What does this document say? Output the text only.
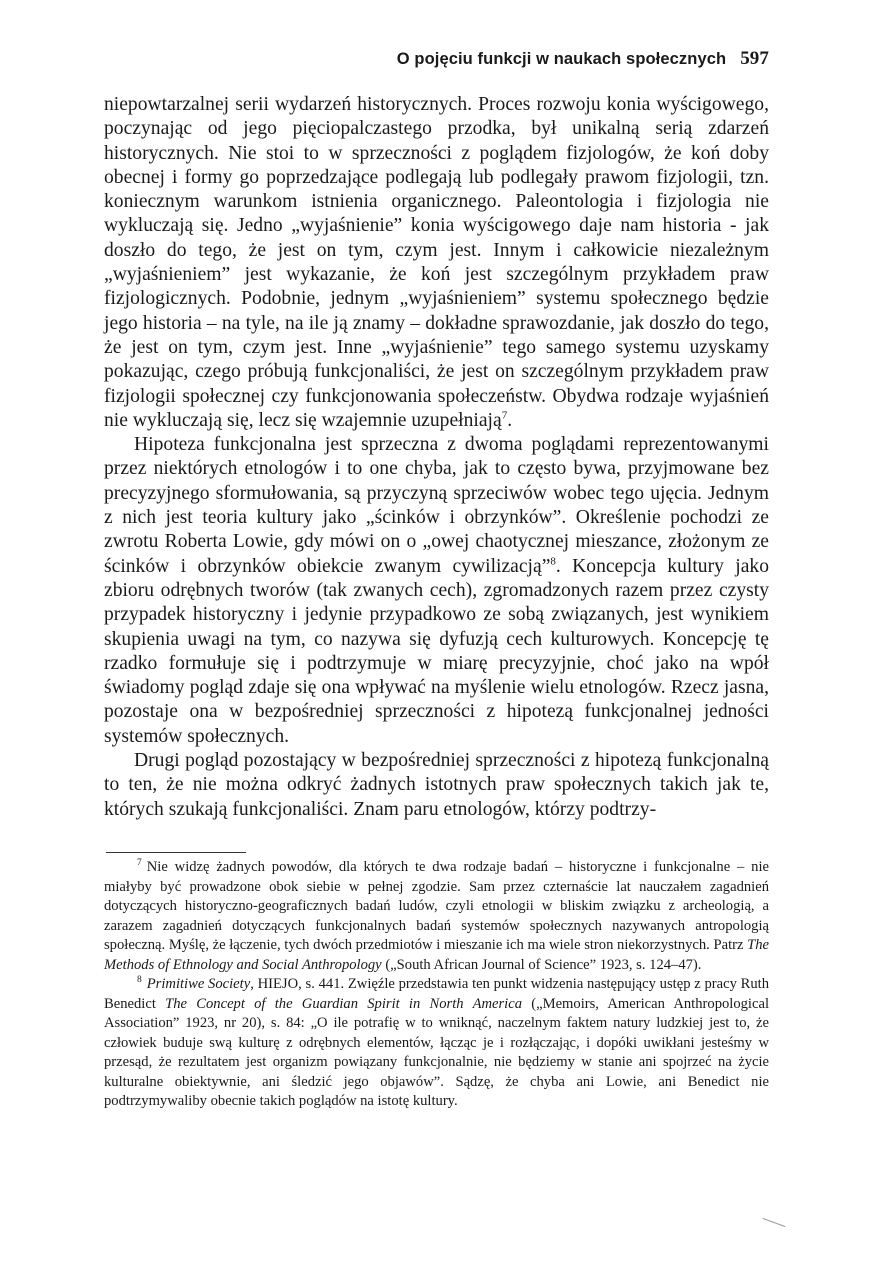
O pojęciu funkcji w naukach społecznych 597

niepowtarzalnej serii wydarzeń historycznych. Proces rozwoju konia wyścigowego, poczynając od jego pięciopalczastego przodka, był unikalną serią zdarzeń historycznych. Nie stoi to w sprzeczności z poglądem fizjologów, że koń doby obecnej i formy go poprzedzające podlegają lub podlegały prawom fizjologii, tzn. koniecznym warunkom istnienia organicznego. Paleontologia i fizjologia nie wykluczają się. Jedno „wyjaśnienie” konia wyścigowego daje nam historia - jak doszło do tego, że jest on tym, czym jest. Innym i całkowicie niezależnym „wyjaśnieniem” jest wykazanie, że koń jest szczególnym przykładem praw fizjologicznych. Podobnie, jednym „wyjaśnieniem” systemu społecznego będzie jego historia – na tyle, na ile ją znamy – dokładne sprawozdanie, jak doszło do tego, że jest on tym, czym jest. Inne „wyjaśnienie” tego samego systemu uzyskamy pokazując, czego próbują funkcjonaliści, że jest on szczególnym przykładem praw fizjologii społecznej czy funkcjonowania społeczeństw. Obydwa rodzaje wyjaśnień nie wykluczają się, lecz się wzajemnie uzupełniają$^7$.

Hipoteza funkcjonalna jest sprzeczna z dwoma poglądami reprezentowanymi przez niektórych etnologów i to one chyba, jak to często bywa, przyjmowane bez precyzyjnego sformułowania, są przyczyną sprzeciwów wobec tego ujęcia. Jednym z nich jest teoria kultury jako „ścinków i obrzynków”. Określenie pochodzi ze zwrotu Roberta Lowie, gdy mówi on o „owej chaotycznej mieszance, złożonym ze ścinków i obrzynków obiekcie zwanym cywilizacją”$^8$. Koncepcja kultury jako zbioru odrębnych tworów (tak zwanych cech), zgromadzonych razem przez czysty przypadek historyczny i jedynie przypadkowo ze sobą związanych, jest wynikiem skupienia uwagi na tym, co nazywa się dyfuzją cech kulturowych. Koncepcję tę rzadko formułuje się i podtrzymuje w miarę precyzyjnie, choć jako na wpół świadomy pogląd zdaje się ona wpływać na myślenie wielu etnologów. Rzecz jasna, pozostaje ona w bezpośredniej sprzeczności z hipotezą funkcjonalnej jedności systemów społecznych.

Drugi pogląd pozostający w bezpośredniej sprzeczności z hipotezą funkcjonalną to ten, że nie można odkryć żadnych istotnych praw społecznych takich jak te, których szukają funkcjonaliści. Znam paru etnologów, którzy podtrzy-

$^7$ Nie widzę żadnych powodów, dla których te dwa rodzaje badań – historyczne i funkcjonalne – nie miałyby być prowadzone obok siebie w pełnej zgodzie. Sam przez czternaście lat nauczałem zagadnień dotyczących historyczno-geograficznych badań ludów, czyli etnologii w bliskim związku z archeologią, a zarazem zagadnień dotyczących funkcjonalnych badań systemów społecznych nazywanych antropologią społeczną. Myślę, że łączenie, tych dwóch przedmiotów i mieszanie ich ma wiele stron niekorzystnych. Patrz The Methods of Ethnology and Social Anthropology („South African Journal of Science” 1923, s. 124–47).

$^8$ Primitiwe Society, HIEJO, s. 441. Zwięźle przedstawia ten punkt widzenia następujący ustęp z pracy Ruth Benedict The Concept of the Guardian Spirit in North America („Memoirs, American Anthropological Association” 1923, nr 20), s. 84: „O ile potrafię w to wniknąć, naczelnym faktem natury ludzkiej jest to, że człowiek buduje swą kulturę z odrębnych elementów, łącząc je i rozłączając, i dopóki uwikłani jesteśmy w przesąd, że rezultatem jest organizm powiązany funkcjonalnie, nie będziemy w stanie ani spojrzeć na życie kulturalne obiektywnie, ani śledzić jego objawów”. Sądzę, że chyba ani Lowie, ani Benedict nie podtrzymywaliby obecnie takich poglądów na istotę kultury.
